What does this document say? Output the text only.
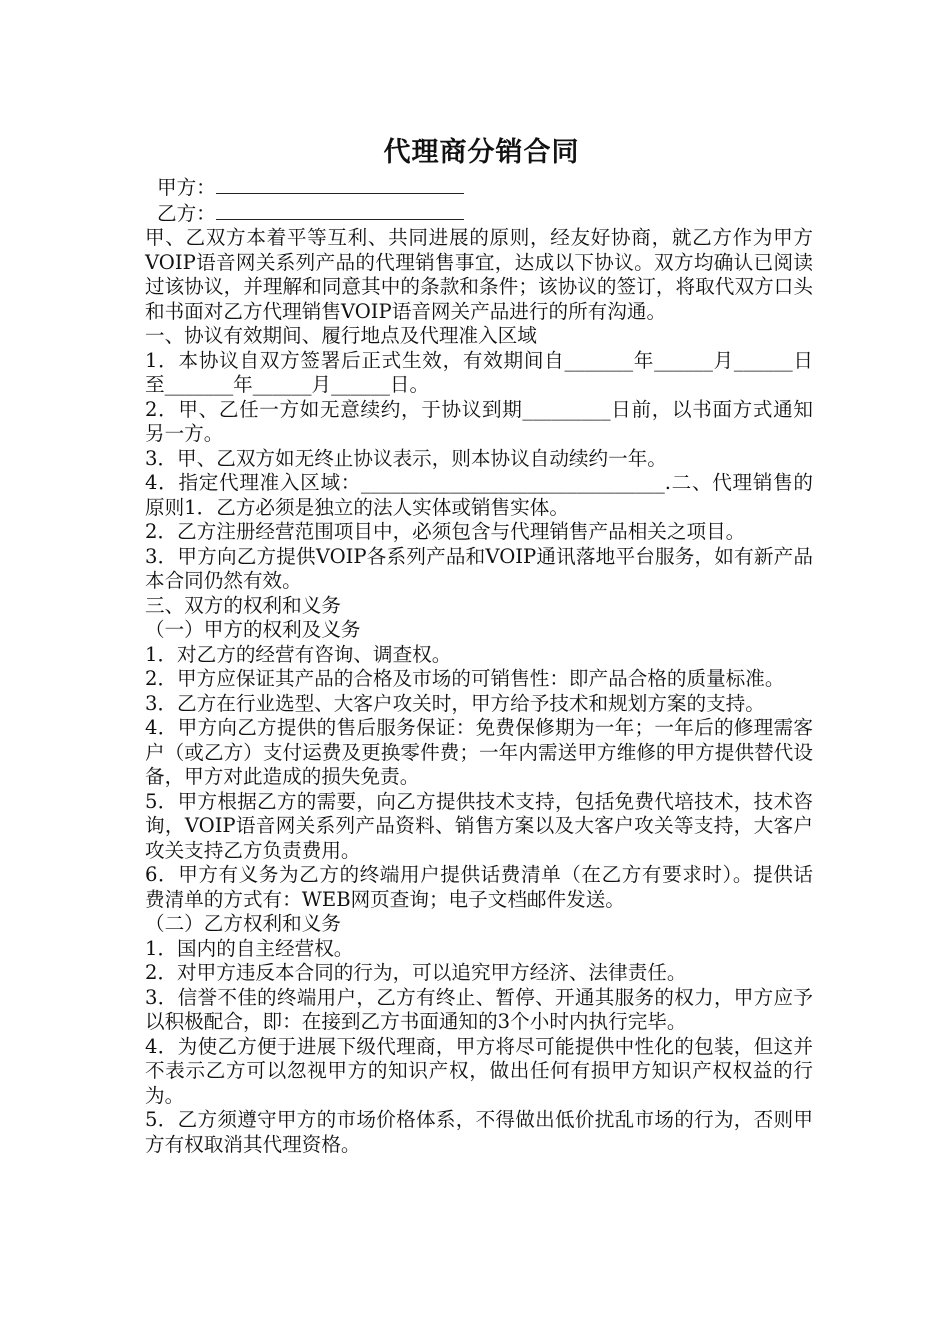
代理商分销合同

甲方：

乙方：

甲、乙双方本着平等互利、共同进展的原则，经友好协商，就乙方作为甲方VOIP语音网关系列产品的代理销售事宜，达成以下协议。双方均确认已阅读过该协议，并理解和同意其中的条款和条件；该协议的签订，将取代双方口头和书面对乙方代理销售VOIP语音网关产品进行的所有沟通。

一、协议有效期间、履行地点及代理准入区域

1．本协议自双方签署后正式生效，有效期间自_______年______月______日至_______年______月______日。

2．甲、乙任一方如无意续约，于协议到期_________日前，以书面方式通知另一方。

3．甲、乙双方如无终止协议表示，则本协议自动续约一年。

4．指定代理准入区域：_______________________________.二、代理销售的原则1．乙方必须是独立的法人实体或销售实体。

2．乙方注册经营范围项目中，必须包含与代理销售产品相关之项目。

3．甲方向乙方提供VOIP各系列产品和VOIP通讯落地平台服务，如有新产品本合同仍然有效。

三、双方的权利和义务

（一）甲方的权利及义务

1．对乙方的经营有咨询、调查权。

2．甲方应保证其产品的合格及市场的可销售性：即产品合格的质量标准。

3．乙方在行业选型、大客户攻关时，甲方给予技术和规划方案的支持。

4．甲方向乙方提供的售后服务保证：免费保修期为一年；一年后的修理需客户（或乙方）支付运费及更换零件费；一年内需送甲方维修的甲方提供替代设备，甲方对此造成的损失免责。

5．甲方根据乙方的需要，向乙方提供技术支持，包括免费代培技术，技术咨询，VOIP语音网关系列产品资料、销售方案以及大客户攻关等支持，大客户攻关支持乙方负责费用。

6．甲方有义务为乙方的终端用户提供话费清单（在乙方有要求时）。提供话费清单的方式有：WEB网页查询；电子文档邮件发送。

（二）乙方权利和义务

1．国内的自主经营权。

2．对甲方违反本合同的行为，可以追究甲方经济、法律责任。

3．信誉不佳的终端用户，乙方有终止、暂停、开通其服务的权力，甲方应予以积极配合，即：在接到乙方书面通知的3个小时内执行完毕。

4．为使乙方便于进展下级代理商，甲方将尽可能提供中性化的包装，但这并不表示乙方可以忽视甲方的知识产权，做出任何有损甲方知识产权权益的行为。

5．乙方须遵守甲方的市场价格体系，不得做出低价扰乱市场的行为，否则甲方有权取消其代理资格。
